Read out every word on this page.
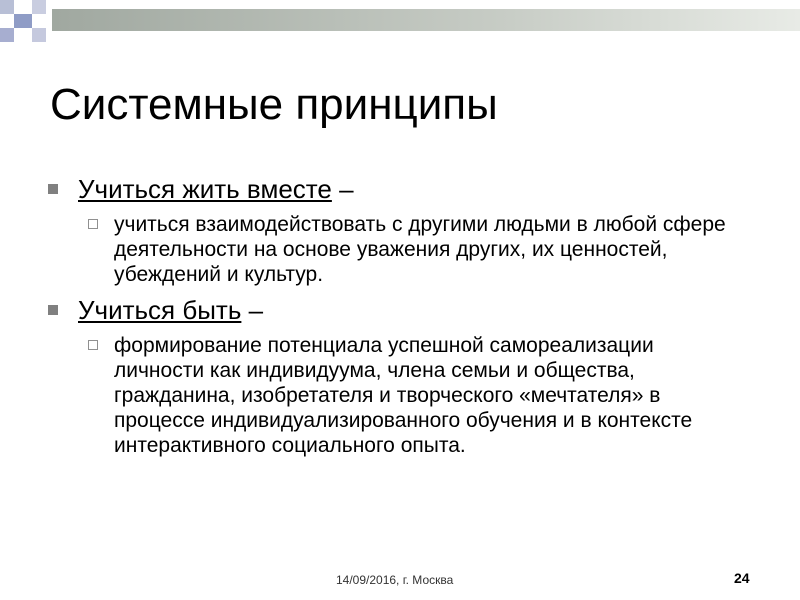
Системные принципы
Учиться жить вместе –
учиться взаимодействовать с другими людьми в любой сфере деятельности на основе уважения других, их ценностей, убеждений и культур.
Учиться быть –
формирование потенциала успешной самореализации личности как индивидуума, члена семьи и общества, гражданина, изобретателя и творческого «мечтателя» в процессе индивидуализированного обучения и в контексте интерактивного социального опыта.
14/09/2016, г. Москва	24
